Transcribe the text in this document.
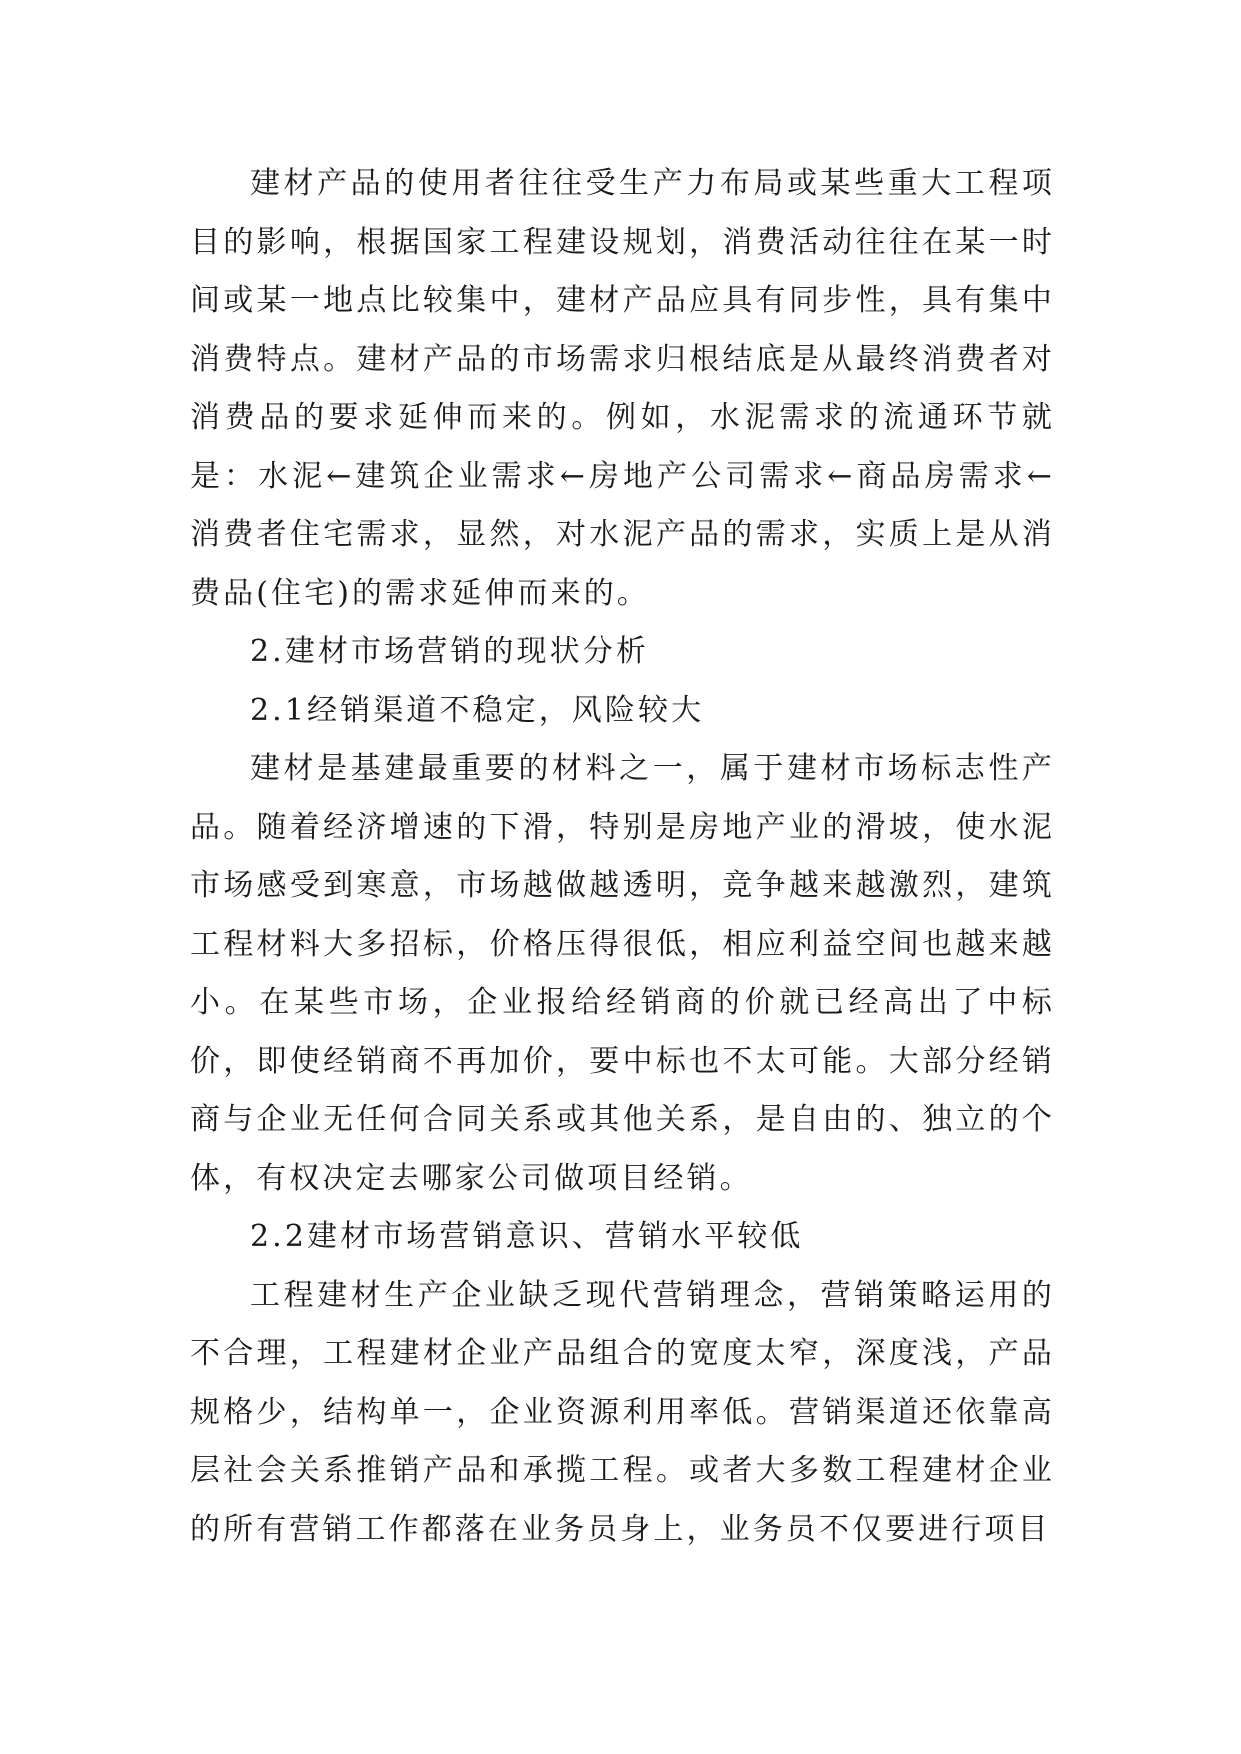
建材产品的使用者往往受生产力布局或某些重大工程项目的影响，根据国家工程建设规划，消费活动往往在某一时间或某一地点比较集中，建材产品应具有同步性，具有集中消费特点。建材产品的市场需求归根结底是从最终消费者对消费品的要求延伸而来的。例如，水泥需求的流通环节就是：水泥←建筑企业需求←房地产公司需求←商品房需求←消费者住宅需求，显然，对水泥产品的需求，实质上是从消费品(住宅)的需求延伸而来的。

2.建材市场营销的现状分析

2.1经销渠道不稳定，风险较大

建材是基建最重要的材料之一，属于建材市场标志性产品。随着经济增速的下滑，特别是房地产业的滑坡，使水泥市场感受到寒意，市场越做越透明，竞争越来越激烈，建筑工程材料大多招标，价格压得很低，相应利益空间也越来越小。在某些市场，企业报给经销商的价就已经高出了中标价，即使经销商不再加价，要中标也不太可能。大部分经销商与企业无任何合同关系或其他关系，是自由的、独立的个体，有权决定去哪家公司做项目经销。

2.2建材市场营销意识、营销水平较低

工程建材生产企业缺乏现代营销理念，营销策略运用的不合理，工程建材企业产品组合的宽度太窄，深度浅，产品规格少，结构单一，企业资源利用率低。营销渠道还依靠高层社会关系推销产品和承揽工程。或者大多数工程建材企业的所有营销工作都落在业务员身上，业务员不仅要进行项目
